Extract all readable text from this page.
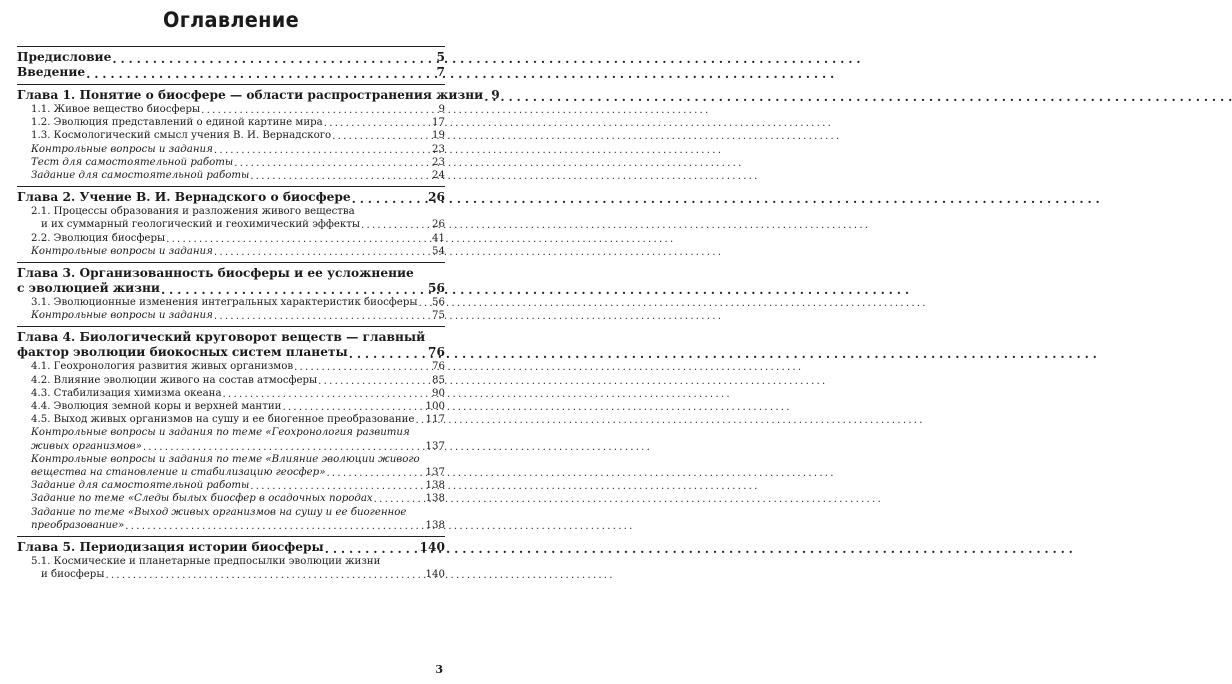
Оглавление
Предисловие . . .	5
Введение . . .	7
Глава 1. Понятие о биосфере — области распространения жизни . . . 9
1.1. Живое вещество биосферы . . .	9
1.2. Эволюция представлений о единой картине мира . . .	17
1.3. Космологический смысл учения В. И. Вернадского . . .	19
Контрольные вопросы и задания . . .	23
Тест для самостоятельной работы . . .	23
Задание для самостоятельной работы . . .	24
Глава 2. Учение В. И. Вернадского о биосфере . . .	26
2.1. Процессы образования и разложения живого вещества
и их суммарный геологический и геохимический эффекты . . .	26
2.2. Эволюция биосферы . . .	41
Контрольные вопросы и задания . . .	54
Глава 3. Организованность биосферы и ее усложнение
с эволюцией жизни . . .	56
3.1. Эволюционные изменения интегральных характеристик биосферы . . . 56
Контрольные вопросы и задания . . .	75
Глава 4. Биологический круговорот веществ — главный
фактор эволюции биокосных систем планеты . . .	76
4.1. Геохронология развития живых организмов . . .	76
4.2. Влияние эволюции живого на состав атмосферы . . .	85
4.3. Стабилизация химизма океана . . .	90
4.4. Эволюция земной коры и верхней мантии . . .	100
4.5. Выход живых организмов на сушу и ее биогенное преобразование . . . 117
Контрольные вопросы и задания по теме «Геохронология развития
живых организмов» . . .	137
Контрольные вопросы и задания по теме «Влияние эволюции живого
вещества на становление и стабилизацию геосфер» . . .	137
Задание для самостоятельной работы . . .	138
Задание по теме «Следы былых биосфер в осадочных породах . . .	138
Задание по теме «Выход живых организмов на сушу и ее биогенное
преобразование» . . .	138
Глава 5. Периодизация истории биосферы . . .	140
5.1. Космические и планетарные предпосылки эволюции жизни
и биосферы . . .	140
3
